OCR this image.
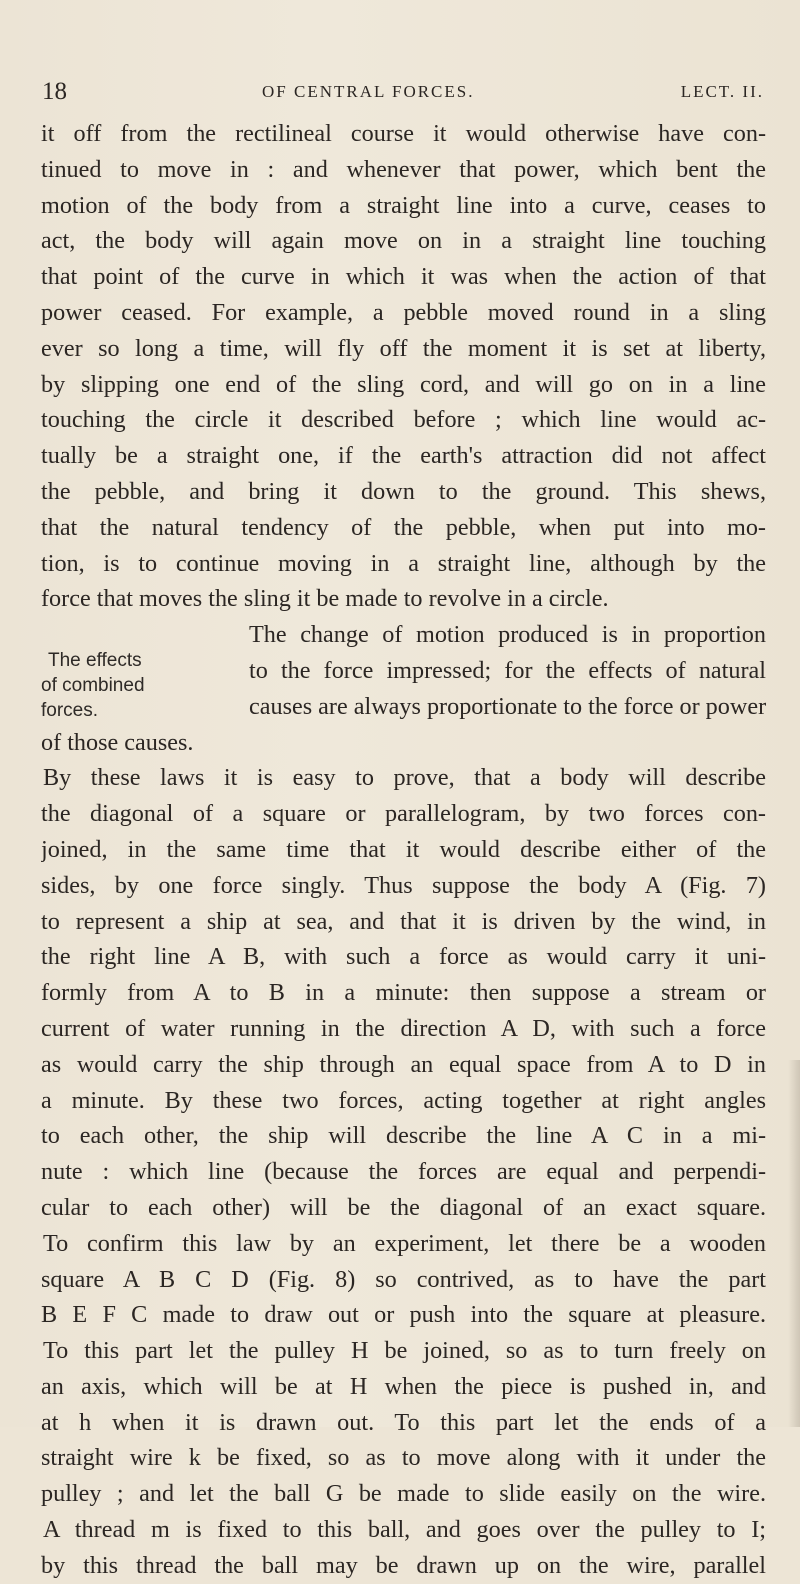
18	OF CENTRAL FORCES.	LECT. II.
The effects
of combined
forces.
it off from the rectilineal course it would otherwise have con-
tinued to move in : and whenever that power, which bent the
motion of the body from a straight line into a curve, ceases to
act, the body will again move on in a straight line touching
that point of the curve in which it was when the action of that
power ceased. For example, a pebble moved round in a sling
ever so long a time, will fly off the moment it is set at liberty,
by slipping one end of the sling cord, and will go on in a line
touching the circle it described before ; which line would ac-
tually be a straight one, if the earth's attraction did not affect
the pebble, and bring it down to the ground. This shews,
that the natural tendency of the pebble, when put into mo-
tion, is to continue moving in a straight line, although by the
force that moves the sling it be made to revolve in a circle.
The change of motion produced is in proportion
to the force impressed; for the effects of natural
causes are always proportionate to the force or power
of those causes.
By these laws it is easy to prove, that a body will describe
the diagonal of a square or parallelogram, by two forces con-
joined, in the same time that it would describe either of the
sides, by one force singly. Thus suppose the body A (Fig. 7)
to represent a ship at sea, and that it is driven by the wind, in
the right line A B, with such a force as would carry it uni-
formly from A to B in a minute: then suppose a stream or
current of water running in the direction A D, with such a force
as would carry the ship through an equal space from A to D in
a minute. By these two forces, acting together at right angles
to each other, the ship will describe the line A C in a mi-
nute : which line (because the forces are equal and perpendi-
cular to each other) will be the diagonal of an exact square.
To confirm this law by an experiment, let there be a wooden
square A B C D (Fig. 8) so contrived, as to have the part
B E F C made to draw out or push into the square at pleasure.
To this part let the pulley H be joined, so as to turn freely on
an axis, which will be at H when the piece is pushed in, and
at h when it is drawn out. To this part let the ends of a
straight wire k be fixed, so as to move along with it under the
pulley ; and let the ball G be made to slide easily on the wire.
A thread m is fixed to this ball, and goes over the pulley to I;
by this thread the ball may be drawn up on the wire, parallel
